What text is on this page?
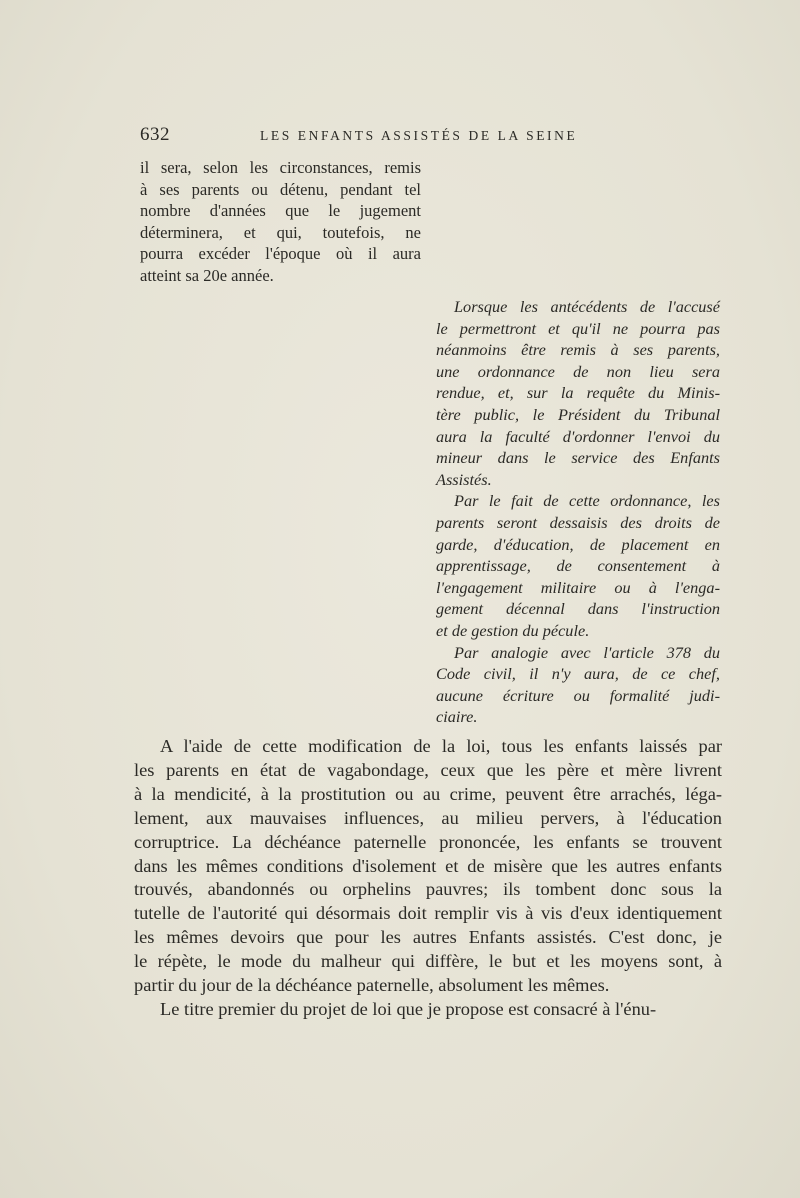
632	LES ENFANTS ASSISTÉS DE LA SEINE
il sera, selon les circonstances, remis
à ses parents ou détenu, pendant tel
nombre d'années que le jugement
déterminera, et qui, toutefois, ne
pourra excéder l'époque où il aura
atteint sa 20e année.
Lorsque les antécédents de l'accusé
le permettront et qu'il ne pourra pas
néanmoins être remis à ses parents,
une ordonnance de non lieu sera
rendue, et, sur la requête du Minis-
tère public, le Président du Tribunal
aura la faculté d'ordonner l'envoi du
mineur dans le service des Enfants
Assistés.
Par le fait de cette ordonnance, les
parents seront dessaisis des droits de
garde, d'éducation, de placement en
apprentissage, de consentement à
l'engagement militaire ou à l'enga-
gement décennal dans l'instruction
et de gestion du pécule.
Par analogie avec l'article 378 du
Code civil, il n'y aura, de ce chef,
aucune écriture ou formalité judi-
ciaire.
A l'aide de cette modification de la loi, tous les enfants laissés par
les parents en état de vagabondage, ceux que les père et mère livrent
à la mendicité, à la prostitution ou au crime, peuvent être arrachés, léga-
lement, aux mauvaises influences, au milieu pervers, à l'éducation
corruptrice. La déchéance paternelle prononcée, les enfants se trouvent
dans les mêmes conditions d'isolement et de misère que les autres enfants
trouvés, abandonnés ou orphelins pauvres; ils tombent donc sous la
tutelle de l'autorité qui désormais doit remplir vis à vis d'eux identiquement
les mêmes devoirs que pour les autres Enfants assistés. C'est donc, je
le répète, le mode du malheur qui diffère, le but et les moyens sont, à
partir du jour de la déchéance paternelle, absolument les mêmes.
Le titre premier du projet de loi que je propose est consacré à l'énu-
